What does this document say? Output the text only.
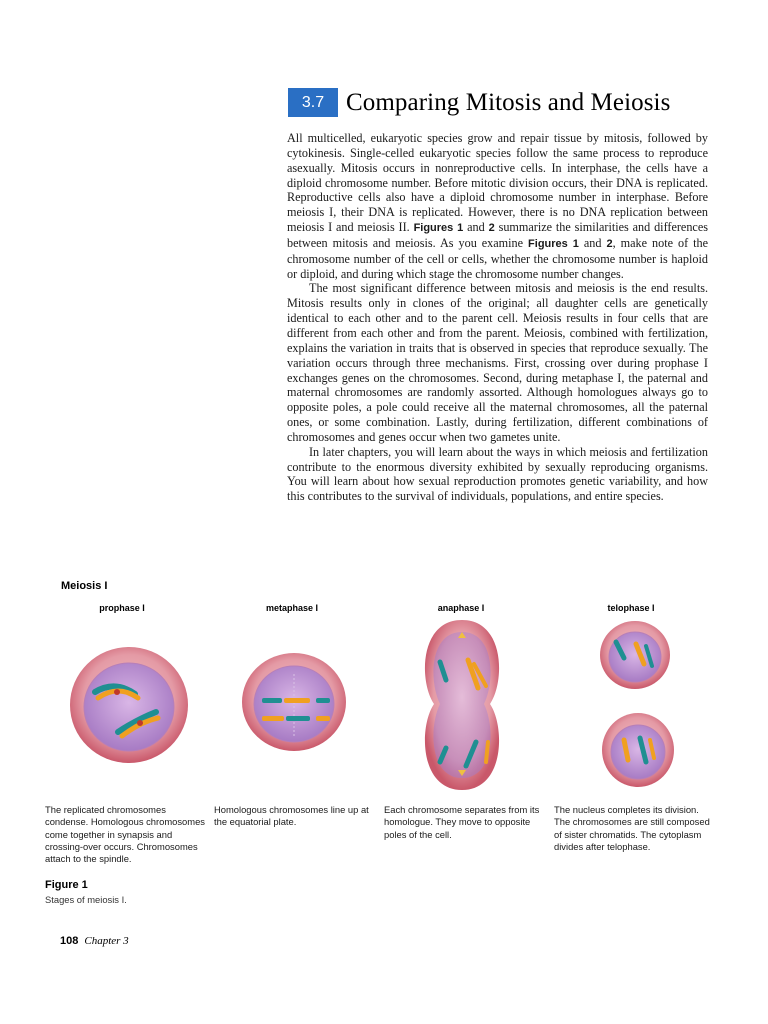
3.7 Comparing Mitosis and Meiosis

All multicelled, eukaryotic species grow and repair tissue by mitosis, followed by cytokinesis. Single-celled eukaryotic species follow the same process to reproduce asexually. Mitosis occurs in nonreproductive cells. In interphase, the cells have a diploid chromosome number. Before mitotic division occurs, their DNA is replicated. Reproductive cells also have a diploid chromosome number in interphase. Before meiosis I, their DNA is replicated. However, there is no DNA replication between meiosis I and meiosis II. Figures 1 and 2 summarize the similarities and differences between mitosis and meiosis. As you examine Figures 1 and 2, make note of the chromosome number of the cell or cells, whether the chromosome number is haploid or diploid, and during which stage the chromosome number changes.

The most significant difference between mitosis and meiosis is the end results. Mitosis results only in clones of the original; all daughter cells are genetically identical to each other and to the parent cell. Meiosis results in four cells that are different from each other and from the parent. Meiosis, combined with fertilization, explains the variation in traits that is observed in species that reproduce sexually. The variation occurs through three mechanisms. First, crossing over during prophase I exchanges genes on the chromosomes. Second, during metaphase I, the paternal and maternal chromosomes are randomly assorted. Although homologues always go to opposite poles, a pole could receive all the maternal chromosomes, all the paternal ones, or some combination. Lastly, during fertilization, different combinations of chromosomes and genes occur when two gametes unite.

In later chapters, you will learn about the ways in which meiosis and fertilization contribute to the enormous diversity exhibited by sexually reproducing organisms. You will learn about how sexual reproduction promotes genetic variability, and how this contributes to the survival of individuals, populations, and entire species.

Meiosis I
prophase I	metaphase I	anaphase I	telophase I
The replicated chromosomes condense. Homologous chromosomes come together in synapsis and crossing-over occurs. Chromosomes attach to the spindle.
Homologous chromosomes line up at the equatorial plate.
Each chromosome separates from its homologue. They move to opposite poles of the cell.
The nucleus completes its division. The chromosomes are still composed of sister chromatids. The cytoplasm divides after telophase.
Figure 1
Stages of meiosis I.
108 Chapter 3
